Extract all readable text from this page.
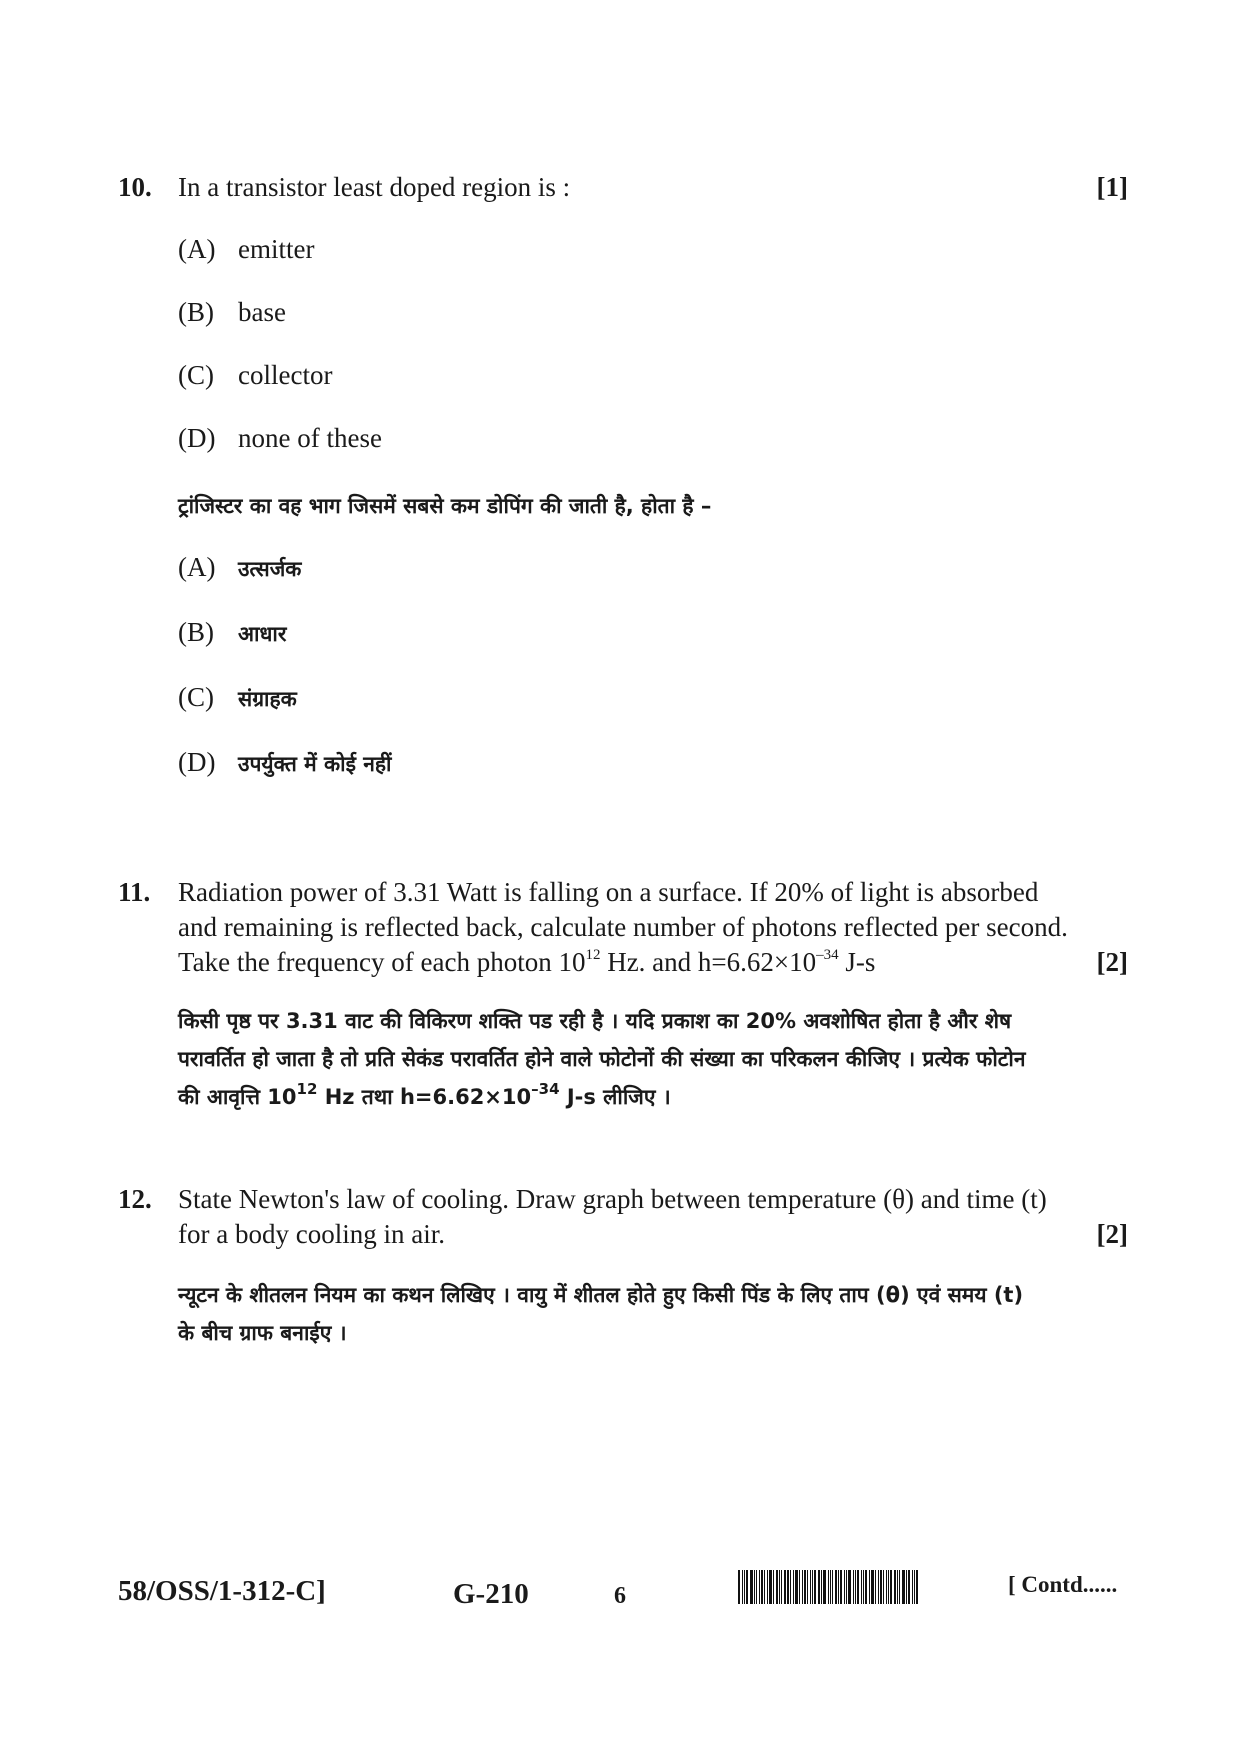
10. In a transistor least doped region is :	[1]
(A) emitter
(B) base
(C) collector
(D) none of these
ट्रांजिस्टर का वह भाग जिसमें सबसे कम डोपिंग की जाती है, होता है –
(A) उत्सर्जक
(B) आधार
(C) संग्राहक
(D) उपर्युक्त में कोई नहीं
11. Radiation power of 3.31 Watt is falling on a surface. If 20% of light is absorbed
and remaining is reflected back, calculate number of photons reflected per second.
Take the frequency of each photon $10^{12}$ Hz. and $h=6.62\times 10^{-34}$ J-s	[2]
किसी पृष्ठ पर 3.31 वाट की विकिरण शक्ति पड रही है । यदि प्रकाश का 20% अवशोषित होता है और शेष
परावर्तित हो जाता है तो प्रति सेकंड परावर्तित होने वाले फोटोनों की संख्या का परिकलन कीजिए । प्रत्येक फोटोन
की आवृत्ति $10^{12}$ Hz तथा $h=6.62\times 10^{-34}$ J-s लीजिए ।
12. State Newton's law of cooling. Draw graph between temperature (θ) and time (t)
for a body cooling in air.	[2]
न्यूटन के शीतलन नियम का कथन लिखिए । वायु में शीतल होते हुए किसी पिंड के लिए ताप (θ) एवं समय (t)
के बीच ग्राफ बनाईए ।
58/OSS/1-312-C]	G-210	6	[ Contd......
